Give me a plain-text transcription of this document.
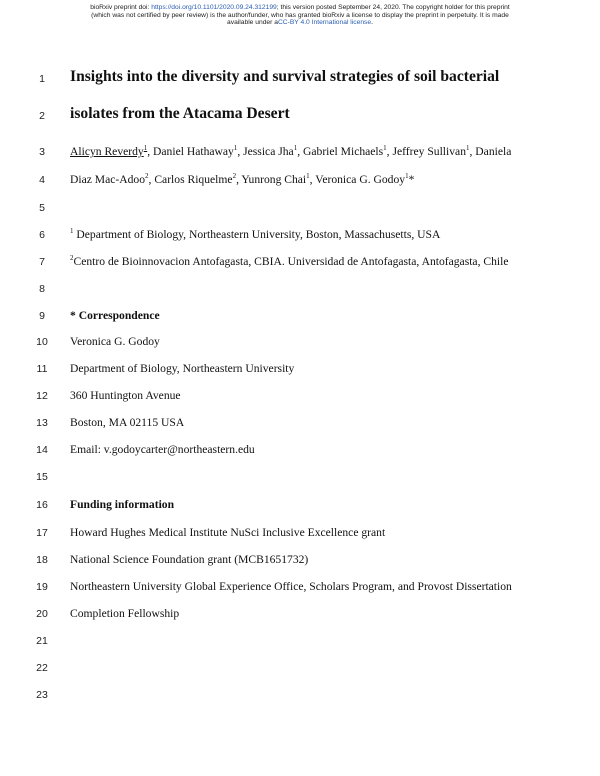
bioRxiv preprint doi: https://doi.org/10.1101/2020.09.24.312199; this version posted September 24, 2020. The copyright holder for this preprint
(which was not certified by peer review) is the author/funder, who has granted bioRxiv a license to display the preprint in perpetuity. It is made
available under aCC-BY 4.0 International license.
1	Insights into the diversity and survival strategies of soil bacterial
2	isolates from the Atacama Desert
3	Alicyn Reverdy$^1$, Daniel Hathaway$^1$, Jessica Jha$^1$, Gabriel Michaels$^1$, Jeffrey Sullivan$^1$, Daniela
4	Diaz Mac-Adoo$^2$, Carlos Riquelme$^2$, Yunrong Chai$^1$, Veronica G. Godoy$^1$*
5
6	$^1$ Department of Biology, Northeastern University, Boston, Massachusetts, USA
7	$^2$Centro de Bioinnovacion Antofagasta, CBIA. Universidad de Antofagasta, Antofagasta, Chile
8
9	* Correspondence
10	Veronica G. Godoy
11	Department of Biology, Northeastern University
12	360 Huntington Avenue
13	Boston, MA 02115 USA
14	Email: v.godoycarter@northeastern.edu
15
16	Funding information
17	Howard Hughes Medical Institute NuSci Inclusive Excellence grant
18	National Science Foundation grant (MCB1651732)
19	Northeastern University Global Experience Office, Scholars Program, and Provost Dissertation
20	Completion Fellowship
21
22
23
